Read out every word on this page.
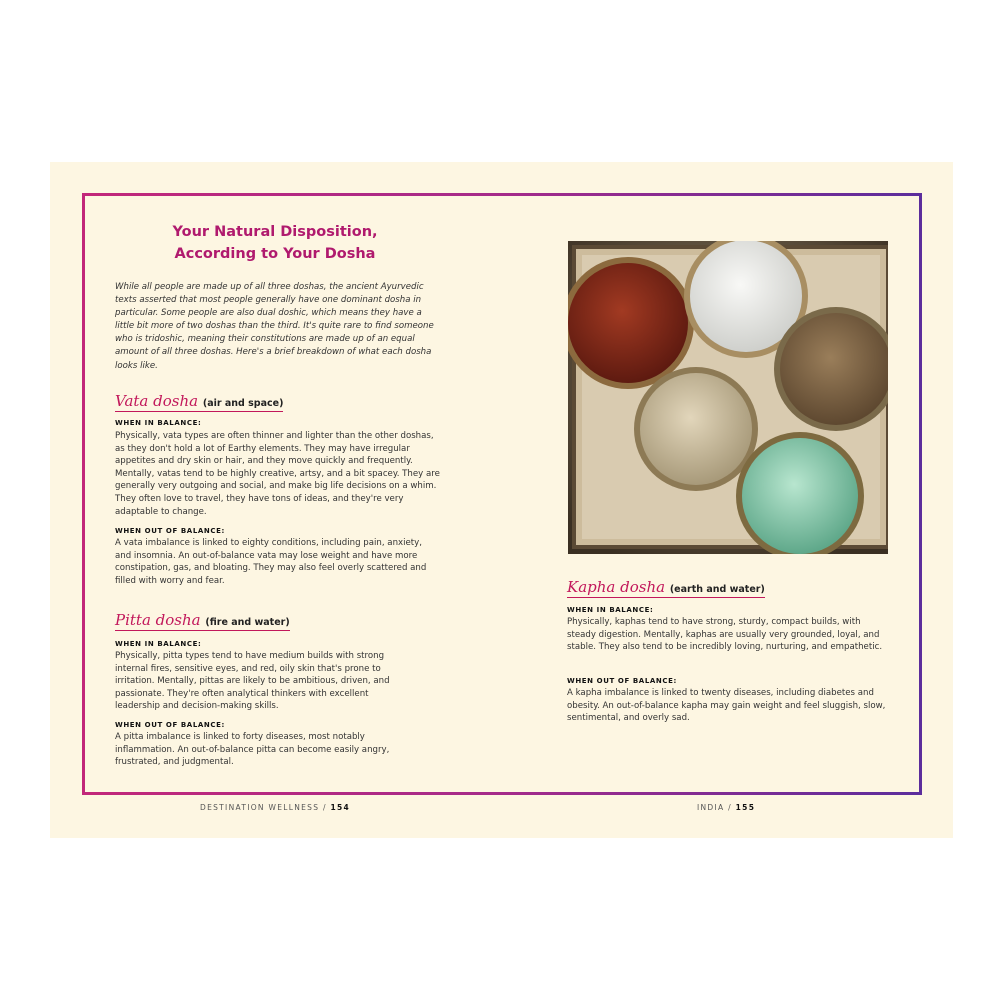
Your Natural Disposition,
According to Your Dosha
While all people are made up of all three doshas, the ancient Ayurvedic texts asserted that most people generally have one dominant dosha in particular. Some people are also dual doshic, which means they have a little bit more of two doshas than the third. It's quite rare to find someone who is tridoshic, meaning their constitutions are made up of an equal amount of all three doshas. Here's a brief breakdown of what each dosha looks like.
Vata dosha (air and space)
WHEN IN BALANCE:
Physically, vata types are often thinner and lighter than the other doshas, as they don't hold a lot of Earthy elements. They may have irregular appetites and dry skin or hair, and they move quickly and frequently. Mentally, vatas tend to be highly creative, artsy, and a bit spacey. They are generally very outgoing and social, and make big life decisions on a whim. They often love to travel, they have tons of ideas, and they're very adaptable to change.
WHEN OUT OF BALANCE:
A vata imbalance is linked to eighty conditions, including pain, anxiety, and insomnia. An out-of-balance vata may lose weight and have more constipation, gas, and bloating. They may also feel overly scattered and filled with worry and fear.
Pitta dosha (fire and water)
WHEN IN BALANCE:
Physically, pitta types tend to have medium builds with strong internal fires, sensitive eyes, and red, oily skin that's prone to irritation. Mentally, pittas are likely to be ambitious, driven, and passionate. They're often analytical thinkers with excellent leadership and decision-making skills.
WHEN OUT OF BALANCE:
A pitta imbalance is linked to forty diseases, most notably inflammation. An out-of-balance pitta can become easily angry, frustrated, and judgmental.
Kapha dosha (earth and water)
WHEN IN BALANCE:
Physically, kaphas tend to have strong, sturdy, compact builds, with steady digestion. Mentally, kaphas are usually very grounded, loyal, and stable. They also tend to be incredibly loving, nurturing, and empathetic.
WHEN OUT OF BALANCE:
A kapha imbalance is linked to twenty diseases, including diabetes and obesity. An out-of-balance kapha may gain weight and feel sluggish, slow, sentimental, and overly sad.
DESTINATION WELLNESS / 154	INDIA / 155
